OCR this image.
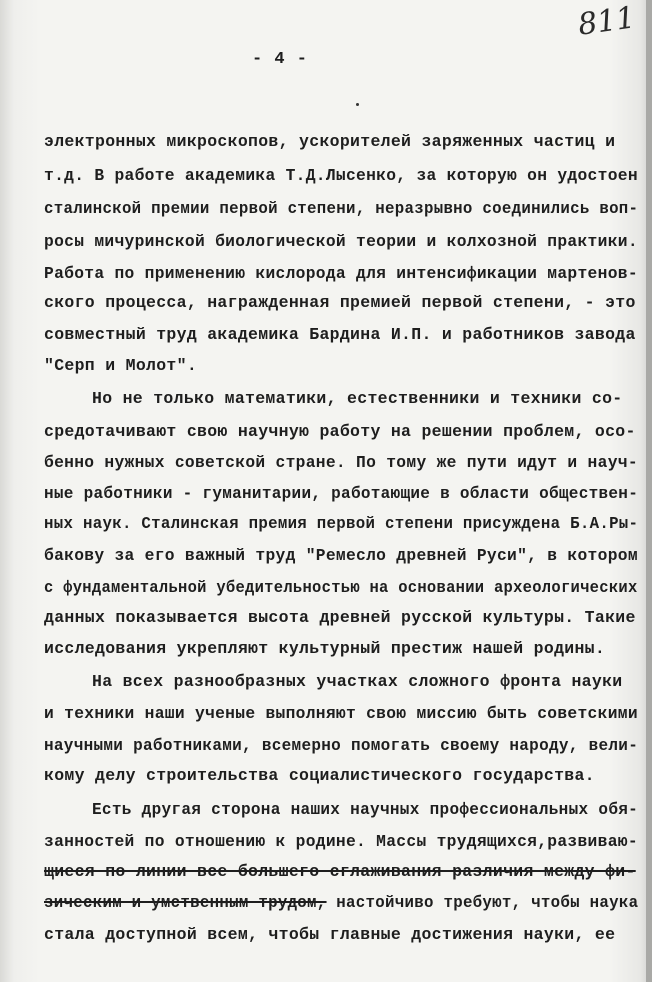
811
- 4 -
электронных микроскопов, ускорителей заряженных частиц и
т.д. В работе академика Т.Д.Лысенко, за которую он удостоен
сталинской премии первой степени, неразрывно соединились воп-
росы мичуринской биологической теории и колхозной практики.
Работа по применению кислорода для интенсификации мартенов-
ского процесса, награжденная премией первой степени, - это
совместный труд академика Бардина И.П. и работников завода
"Серп и Молот".
Но не только математики, естественники и техники со-
средотачивают свою научную работу на решении проблем, осо-
бенно нужных советской стране. По тому же пути идут и науч-
ные работники - гуманитарии, работающие в области обществен-
ных наук. Сталинская премия первой степени присуждена Б.А.Ры-
бакову за его важный труд "Ремесло древней Руси", в котором
с фундаментальной убедительностью на основании археологических
данных показывается высота древней русской культуры. Такие
исследования укрепляют культурный престиж нашей родины.
На всех разнообразных участках сложного фронта науки
и техники наши ученые выполняют свою миссию быть советскими
научными работниками, всемерно помогать своему народу, вели-
кому делу строительства социалистического государства.
Есть другая сторона наших научных профессиональных обя-
занностей по отношению к родине. Массы трудящихся,развиваю-
щиеся по линии все большего сглаживания различия между фи-
зическим и умственным трудом, настойчиво требуют, чтобы наука
стала доступной всем, чтобы главные достижения науки, ее
